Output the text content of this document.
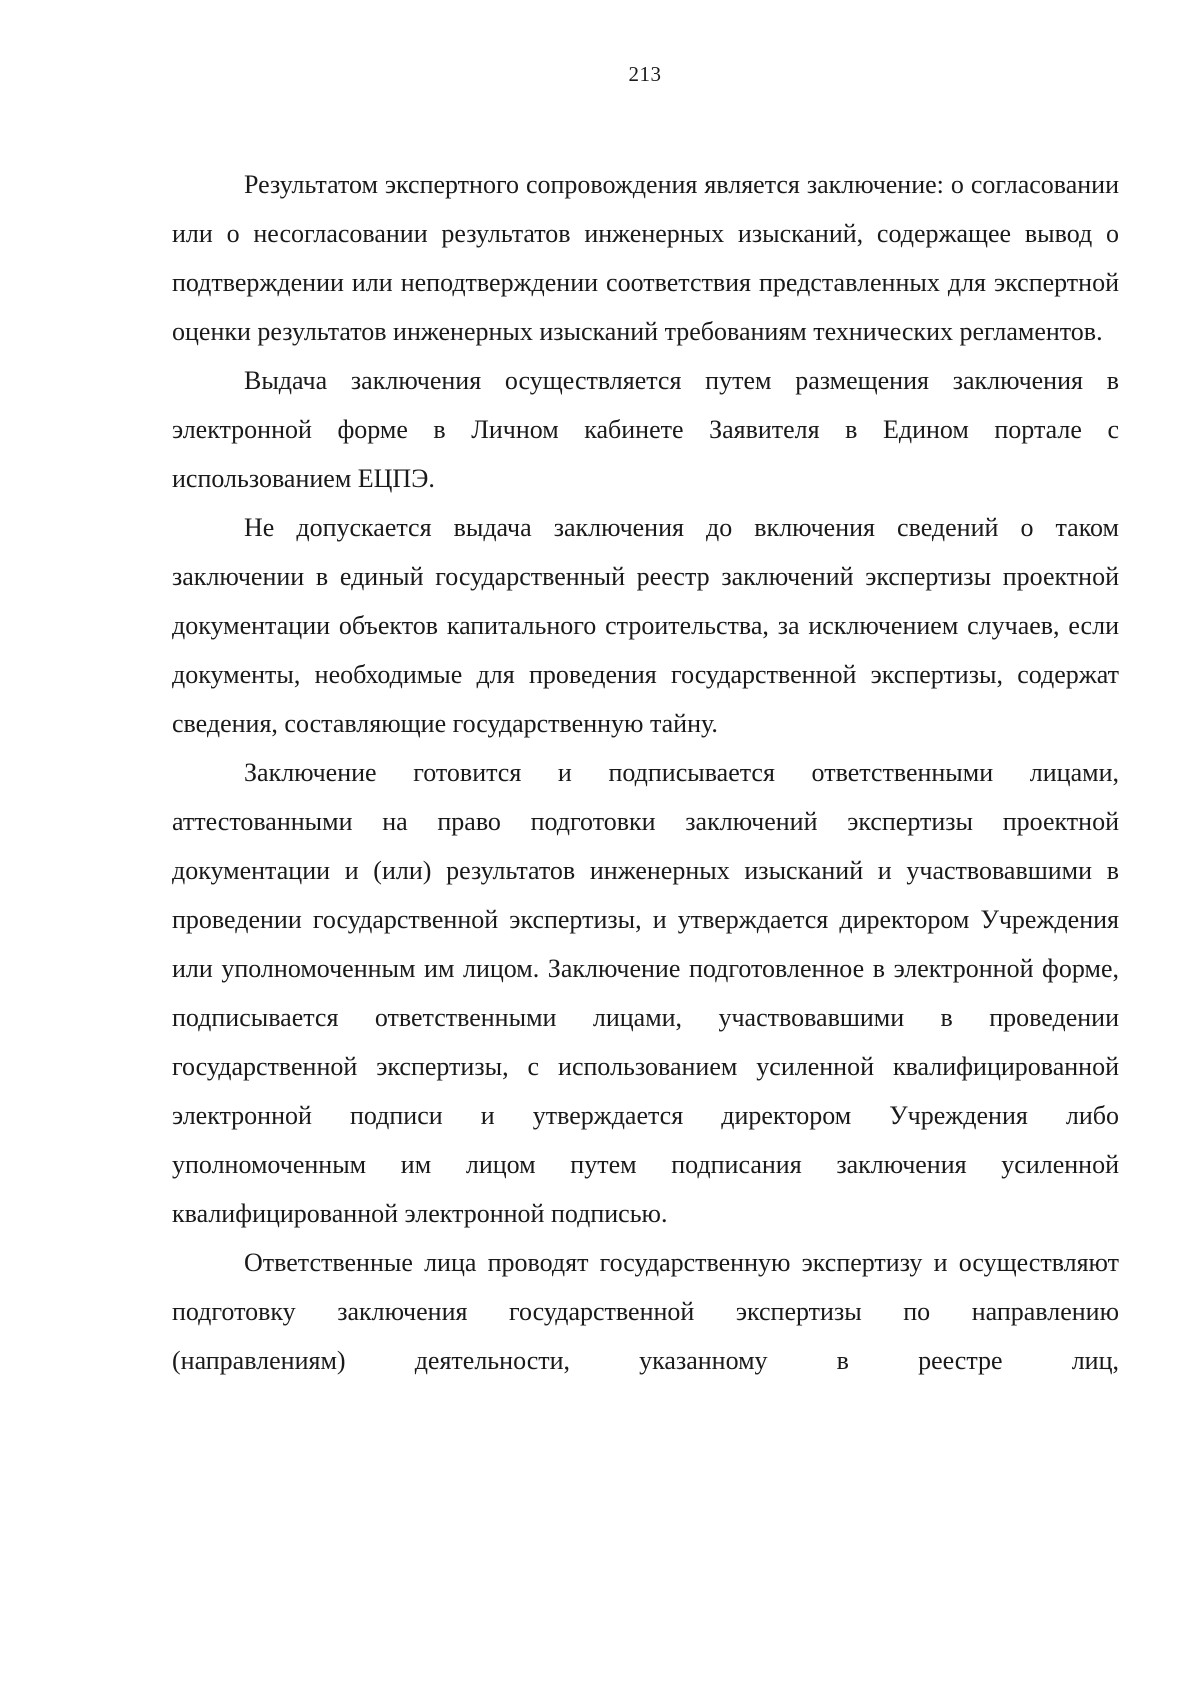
213

Результатом экспертного сопровождения является заключение: о согласовании или о несогласовании результатов инженерных изысканий, содержащее вывод о подтверждении или неподтверждении соответствия представленных для экспертной оценки результатов инженерных изысканий требованиям технических регламентов.

Выдача заключения осуществляется путем размещения заключения в электронной форме в Личном кабинете Заявителя в Едином портале с использованием ЕЦПЭ.

Не допускается выдача заключения до включения сведений о таком заключении в единый государственный реестр заключений экспертизы проектной документации объектов капитального строительства, за исключением случаев, если документы, необходимые для проведения государственной экспертизы, содержат сведения, составляющие государственную тайну.

Заключение готовится и подписывается ответственными лицами, аттестованными на право подготовки заключений экспертизы проектной документации и (или) результатов инженерных изысканий и участвовавшими в проведении государственной экспертизы, и утверждается директором Учреждения или уполномоченным им лицом. Заключение подготовленное в электронной форме, подписывается ответственными лицами, участвовавшими в проведении государственной экспертизы, с использованием усиленной квалифицированной электронной подписи и утверждается директором Учреждения либо уполномоченным им лицом путем подписания заключения усиленной квалифицированной электронной подписью.

Ответственные лица проводят государственную экспертизу и осуществляют подготовку заключения государственной экспертизы по направлению (направлениям) деятельности, указанному в реестре лиц,
